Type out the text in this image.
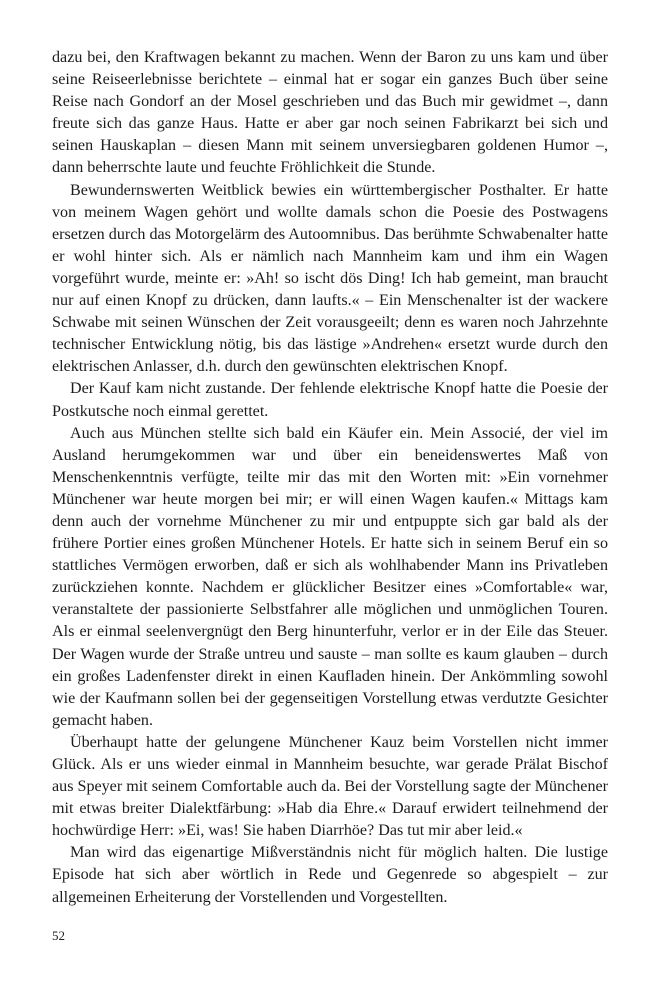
dazu bei, den Kraftwagen bekannt zu machen. Wenn der Baron zu uns kam und über seine Reiseerlebnisse berichtete – einmal hat er sogar ein ganzes Buch über seine Reise nach Gondorf an der Mosel geschrieben und das Buch mir gewidmet –, dann freute sich das ganze Haus. Hatte er aber gar noch seinen Fabrikarzt bei sich und seinen Hauskaplan – diesen Mann mit seinem unversiegbaren goldenen Humor –, dann beherrschte laute und feuchte Fröhlichkeit die Stunde.

Bewundernswerten Weitblick bewies ein württembergischer Posthalter. Er hatte von meinem Wagen gehört und wollte damals schon die Poesie des Postwagens ersetzen durch das Motorgelärm des Autoomnibus. Das berühmte Schwabenalter hatte er wohl hinter sich. Als er nämlich nach Mannheim kam und ihm ein Wagen vorgeführt wurde, meinte er: »Ah! so ischt dös Ding! Ich hab gemeint, man braucht nur auf einen Knopf zu drücken, dann laufts.« – Ein Menschenalter ist der wackere Schwabe mit seinen Wünschen der Zeit vorausgeeilt; denn es waren noch Jahrzehnte technischer Entwicklung nötig, bis das lästige »Andrehen« ersetzt wurde durch den elektrischen Anlasser, d.h. durch den gewünschten elektrischen Knopf.

Der Kauf kam nicht zustande. Der fehlende elektrische Knopf hatte die Poesie der Postkutsche noch einmal gerettet.

Auch aus München stellte sich bald ein Käufer ein. Mein Associé, der viel im Ausland herumgekommen war und über ein beneidenswertes Maß von Menschenkenntnis verfügte, teilte mir das mit den Worten mit: »Ein vornehmer Münchener war heute morgen bei mir; er will einen Wagen kaufen.« Mittags kam denn auch der vornehme Münchener zu mir und entpuppte sich gar bald als der frühere Portier eines großen Münchener Hotels. Er hatte sich in seinem Beruf ein so stattliches Vermögen erworben, daß er sich als wohlhabender Mann ins Privatleben zurückziehen konnte. Nachdem er glücklicher Besitzer eines »Comfortable« war, veranstaltete der passionierte Selbstfahrer alle möglichen und unmöglichen Touren. Als er einmal seelenvergnügt den Berg hinunterfuhr, verlor er in der Eile das Steuer. Der Wagen wurde der Straße untreu und sauste – man sollte es kaum glauben – durch ein großes Ladenfenster direkt in einen Kaufladen hinein. Der Ankömmling sowohl wie der Kaufmann sollen bei der gegenseitigen Vorstellung etwas verdutzte Gesichter gemacht haben.

Überhaupt hatte der gelungene Münchener Kauz beim Vorstellen nicht immer Glück. Als er uns wieder einmal in Mannheim besuchte, war gerade Prälat Bischof aus Speyer mit seinem Comfortable auch da. Bei der Vorstellung sagte der Münchener mit etwas breiter Dialektfärbung: »Hab dia Ehre.« Darauf erwidert teilnehmend der hochwürdige Herr: »Ei, was! Sie haben Diarrhöe? Das tut mir aber leid.«

Man wird das eigenartige Mißverständnis nicht für möglich halten. Die lustige Episode hat sich aber wörtlich in Rede und Gegenrede so abgespielt – zur allgemeinen Erheiterung der Vorstellenden und Vorgestellten.

52
